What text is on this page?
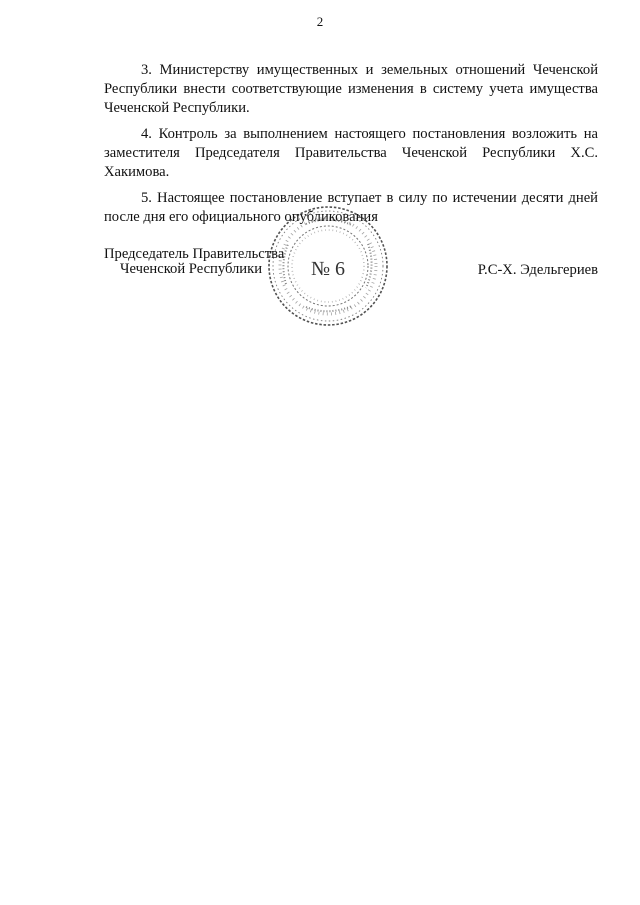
2

3. Министерству имущественных и земельных отношений Чеченской Республики внести соответствующие изменения в систему учета имущества Чеченской Республики.

4. Контроль за выполнением настоящего постановления возложить на заместителя Председателя Правительства Чеченской Республики Х.С. Хакимова.

5. Настоящее постановление вступает в силу по истечении десяти дней после дня его официального опубликования

№ 6
Председатель Правительства
Чеченской Республики	Р.С-Х. Эдельгериев
